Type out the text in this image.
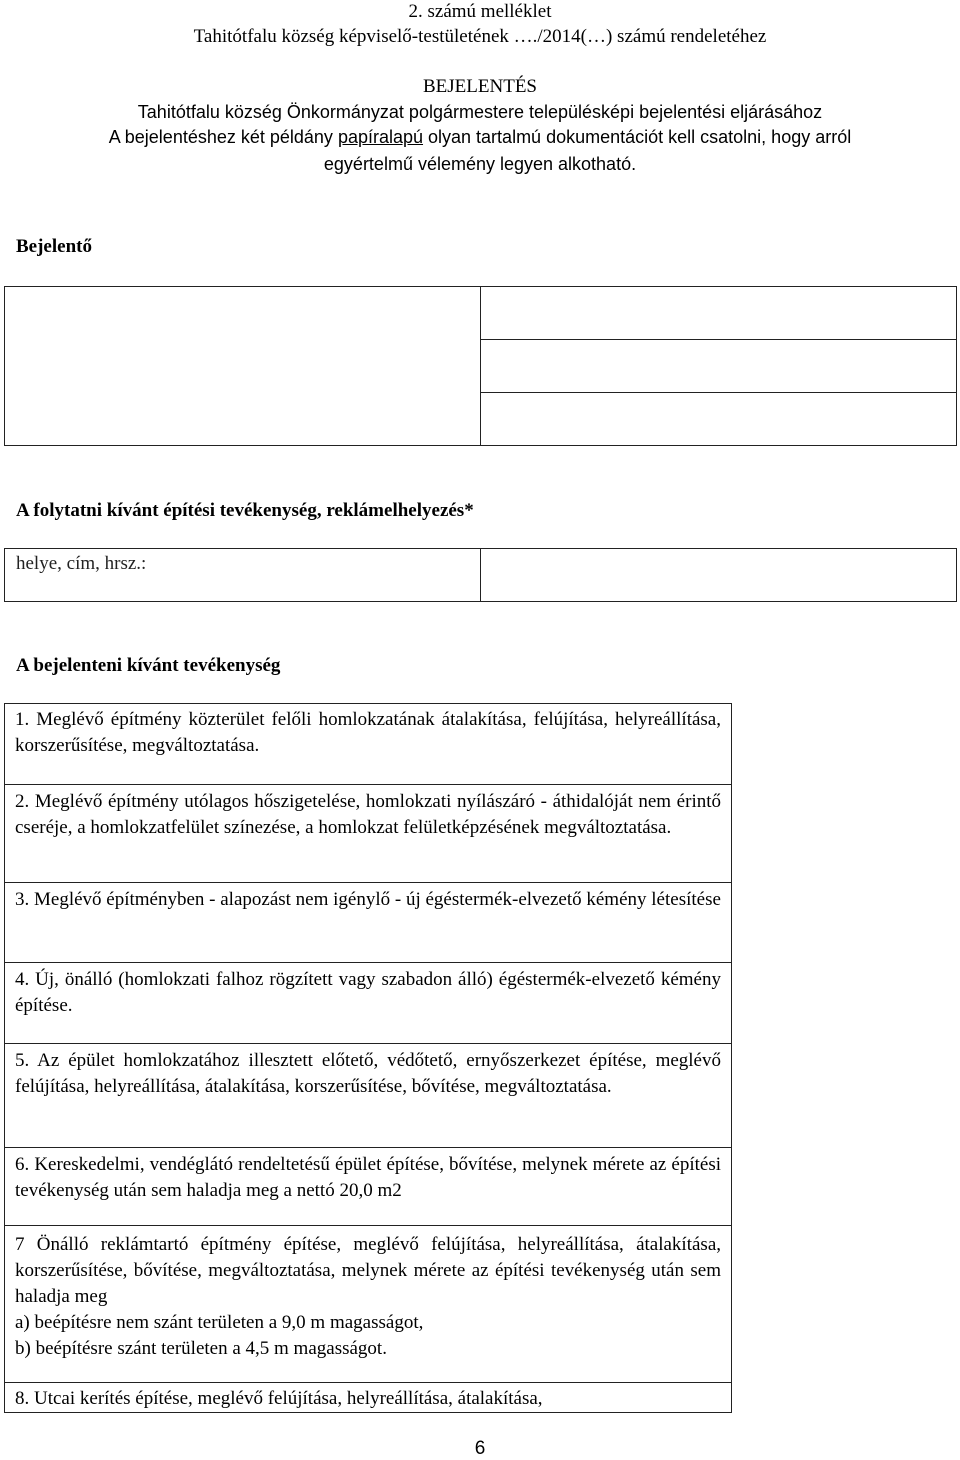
2. számú melléklet
Tahitótfalu község képviselő-testületének …./2014(…) számú rendeletéhez
BEJELENTÉS
Tahitótfalu község Önkormányzat polgármestere településképi bejelentési eljárásához
A bejelentéshez két példány papíralapú olyan tartalmú dokumentációt kell csatolni, hogy arról
egyértelmű vélemény legyen alkotható.
Bejelentő
A folytatni kívánt építési tevékenység, reklámelhelyezés*
helye, cím, hrsz.:
A bejelenteni kívánt tevékenység

1. Meglévő építmény közterület felőli homlokzatának átalakítása, felújítása, helyreállítása, korszerűsítése, megváltoztatása.

2. Meglévő építmény utólagos hőszigetelése, homlokzati nyílászáró - áthidalóját nem érintő cseréje, a homlokzatfelület színezése, a homlokzat felületképzésének megváltoztatása.

3. Meglévő építményben - alapozást nem igénylő - új égéstermék-elvezető kémény létesítése

4. Új, önálló (homlokzati falhoz rögzített vagy szabadon álló) égéstermék-elvezető kémény építése.

5. Az épület homlokzatához illesztett előtető, védőtető, ernyőszerkezet építése, meglévő felújítása, helyreállítása, átalakítása, korszerűsítése, bővítése, megváltoztatása.

6. Kereskedelmi, vendéglátó rendeltetésű épület építése, bővítése, melynek mérete az építési tevékenység után sem haladja meg a nettó 20,0 m2

7 Önálló reklámtartó építmény építése, meglévő felújítása, helyreállítása, átalakítása, korszerűsítése, bővítése, megváltoztatása, melynek mérete az építési tevékenység után sem haladja meg

a) beépítésre nem szánt területen a 9,0 m magasságot,

b) beépítésre szánt területen a 4,5 m magasságot.

8. Utcai kerítés építése, meglévő felújítása, helyreállítása, átalakítása,

6
